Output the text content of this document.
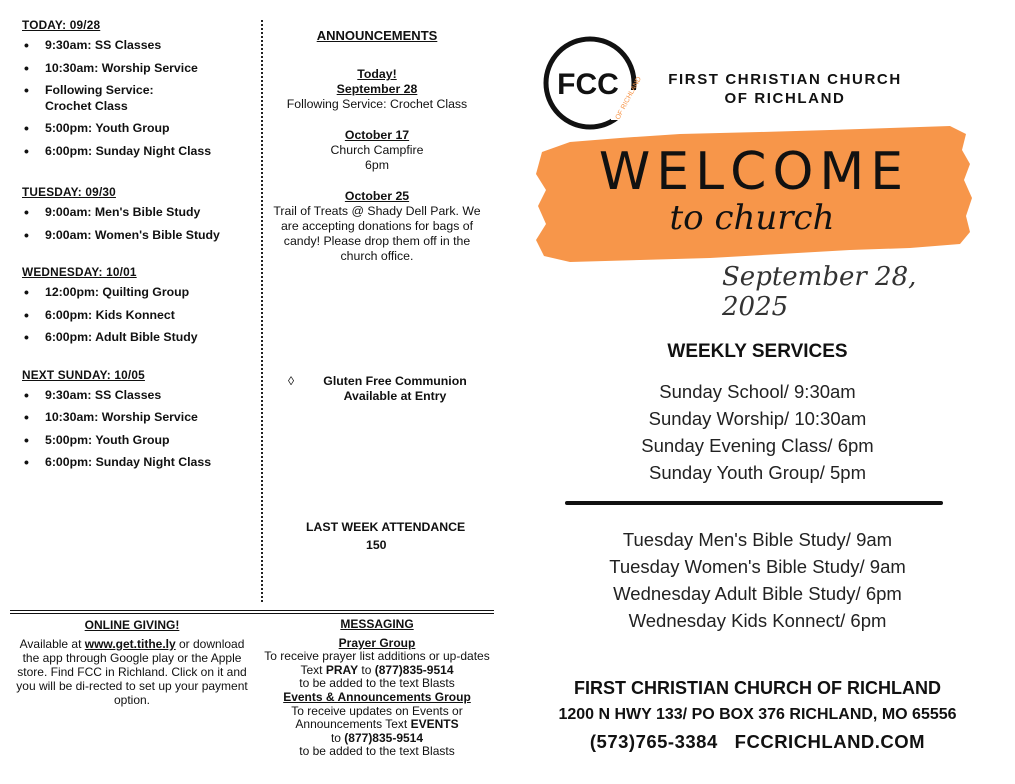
TODAY: 09/28
• 9:30am: SS Classes
• 10:30am: Worship Service
• Following Service:
Crochet Class
• 5:00pm: Youth Group
• 6:00pm: Sunday Night Class
TUESDAY: 09/30
• 9:00am: Men's Bible Study
• 9:00am: Women's Bible Study
WEDNESDAY: 10/01
• 12:00pm: Quilting Group
• 6:00pm: Kids Konnect
• 6:00pm: Adult Bible Study
NEXT SUNDAY: 10/05
• 9:30am: SS Classes
• 10:30am: Worship Service
• 5:00pm: Youth Group
• 6:00pm: Sunday Night Class
ANNOUNCEMENTS
Today!
September 28
Following Service: Crochet Class
October 17
Church Campfire
6pm
October 25
Trail of Treats @ Shady Dell Park. We are accepting donations for bags of candy! Please drop them off in the church office.
◊	Gluten Free Communion Available at Entry
LAST WEEK ATTENDANCE
150
ONLINE GIVING!
Available at www.get.tithe.ly or download the app through Google play or the Apple store. Find FCC in Richland. Click on it and you will be di-rected to set up your payment option.
MESSAGING
Prayer Group
To receive prayer list additions or up-dates Text PRAY to (877)835-9514
to be added to the text Blasts
Events & Announcements Group
To receive updates on Events or Announcements Text EVENTS
to (877)835-9514
to be added to the text Blasts
FCC
OF RICHLAND	FIRST CHRISTIAN CHURCH
OF RICHLAND
WELCOME
to church
September 28, 2025
WEEKLY SERVICES
Sunday School/ 9:30am
Sunday Worship/ 10:30am
Sunday Evening Class/ 6pm
Sunday Youth Group/ 5pm
Tuesday Men's Bible Study/ 9am
Tuesday Women's Bible Study/ 9am
Wednesday Adult Bible Study/ 6pm
Wednesday Kids Konnect/ 6pm
FIRST CHRISTIAN CHURCH OF RICHLAND
1200 N HWY 133/ PO BOX 376 RICHLAND, MO 65556
(573)765-3384 FCCRICHLAND.COM
